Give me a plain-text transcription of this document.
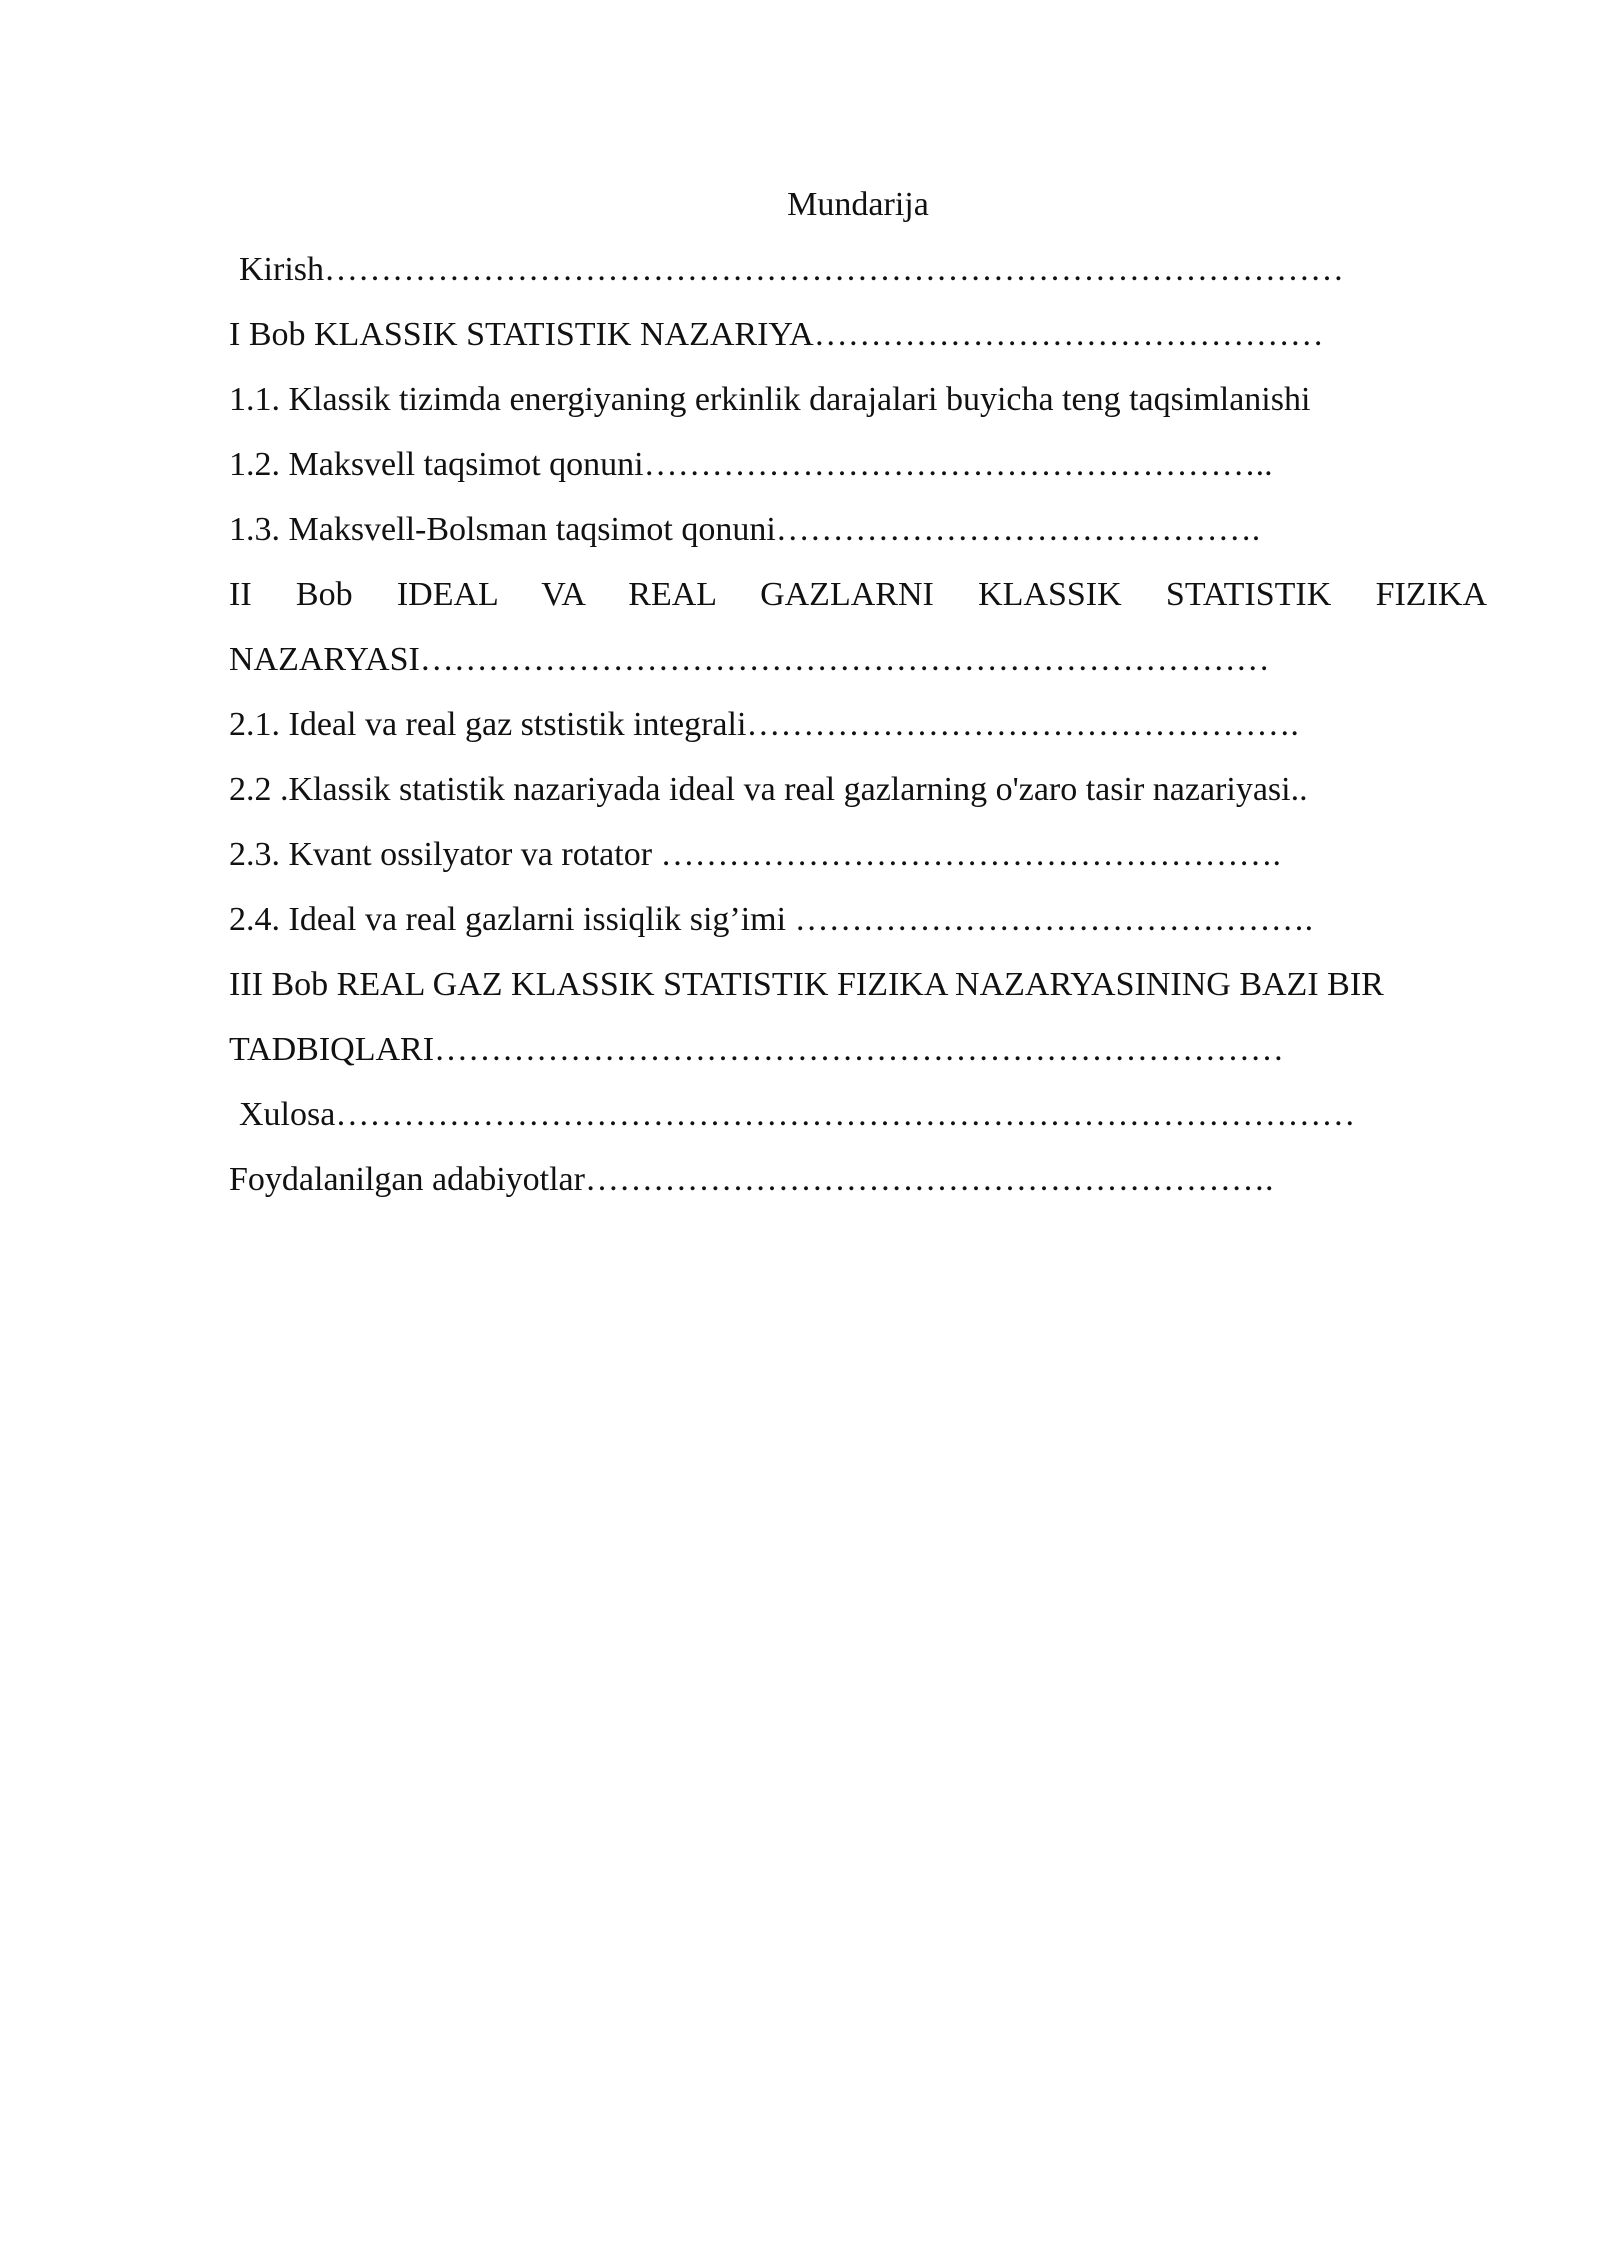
Mundarija
Kirish………………………………………………………………………………
I Bob KLASSIK STATISTIK NAZARIYA………………………………………
1.1. Klassik tizimda energiyaning erkinlik darajalari buyicha teng taqsimlanishi
1.2. Maksvell taqsimot qonuni………………………………………………..
1.3. Maksvell-Bolsman taqsimot qonuni…………………………………….
II Bob IDEAL VA REAL GAZLARNI KLASSIK STATISTIK FIZIKA
NAZARYASI…………………………………………………………………
2.1. Ideal va real gaz ststistik integrali………………………………………….
2.2 .Klassik statistik nazariyada ideal va real gazlarning o'zaro tasir nazariyasi..
2.3. Kvant ossilyator va rotator ……………………………………………….
2.4. Ideal va real gazlarni issiqlik sig’imi ……………………………………….
III Bob REAL GAZ KLASSIK STATISTIK FIZIKA NAZARYASINING BAZI BIR
TADBIQLARI…………………………………………………………………
Xulosa………………………………………………………………………………
Foydalanilgan adabiyotlar…………………………………………………….
